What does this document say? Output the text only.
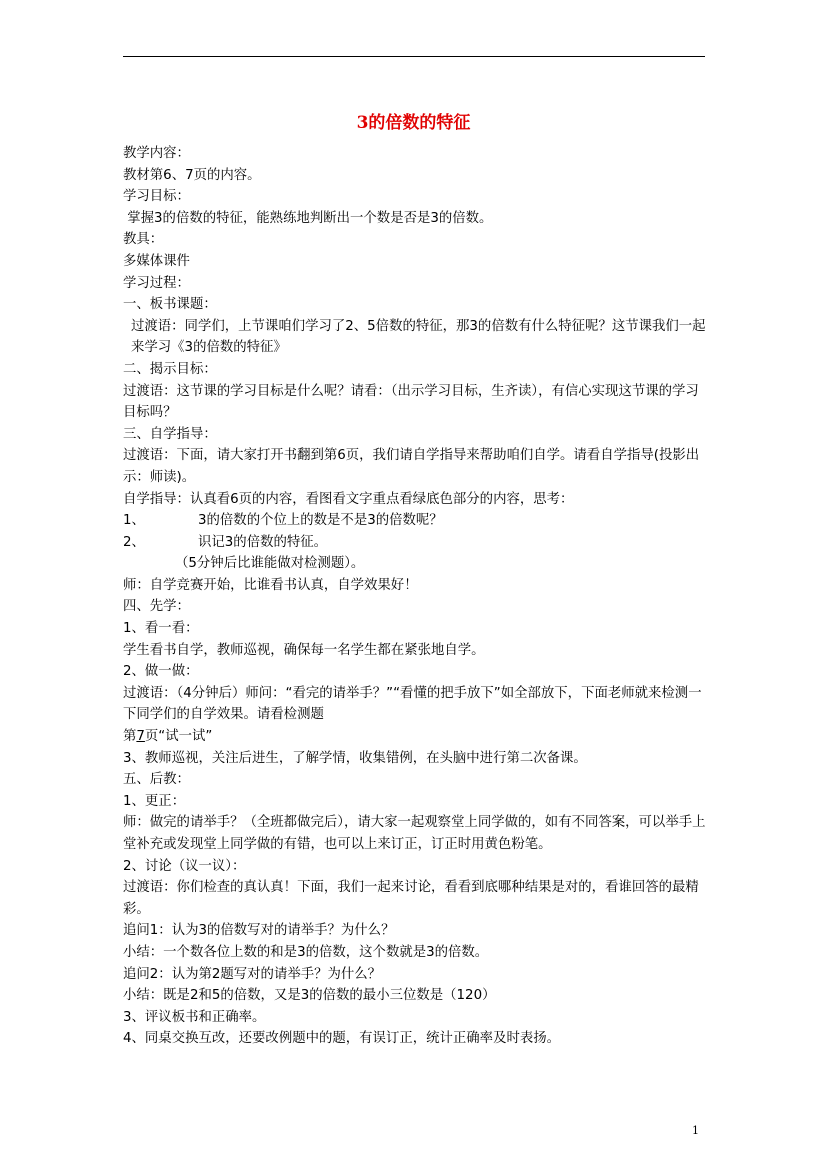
3的倍数的特征

教学内容：

教材第6、7页的内容。

学习目标：

掌握3的倍数的特征，能熟练地判断出一个数是否是3的倍数。

教具：

多媒体课件

学习过程：

一、板书课题：

过渡语：同学们，上节课咱们学习了2、5倍数的特征，那3的倍数有什么特征呢？这节课我们一起来学习《3的倍数的特征》

二、揭示目标：

过渡语：这节课的学习目标是什么呢？请看：（出示学习目标，生齐读），有信心实现这节课的学习目标吗？

三、自学指导：

过渡语：下面，请大家打开书翻到第6页，我们请自学指导来帮助咱们自学。请看自学指导(投影出示：师读)。

自学指导：认真看6页的内容，看图看文字重点看绿底色部分的内容，思考：

1、	3的倍数的个位上的数是不是3的倍数呢？
2、	识记3的倍数的特征。

（5分钟后比谁能做对检测题）。

师：自学竞赛开始，比谁看书认真，自学效果好！

四、先学：

1、看一看：

学生看书自学，教师巡视，确保每一名学生都在紧张地自学。

2、做一做：

过渡语：（4分钟后）师问：“看完的请举手？”“看懂的把手放下”如全部放下，下面老师就来检测一下同学们的自学效果。请看检测题

第7页“试一试”

3、教师巡视，关注后进生，了解学情，收集错例，在头脑中进行第二次备课。

五、后教：

1、更正：

师：做完的请举手？（全班都做完后），请大家一起观察堂上同学做的，如有不同答案，可以举手上堂补充或发现堂上同学做的有错，也可以上来订正，订正时用黄色粉笔。

2、讨论（议一议）：

过渡语：你们检查的真认真！下面，我们一起来讨论，看看到底哪种结果是对的，看谁回答的最精彩。

追问1：认为3的倍数写对的请举手？为什么？

小结：一个数各位上数的和是3的倍数，这个数就是3的倍数。

追问2：认为第2题写对的请举手？为什么？

小结：既是2和5的倍数，又是3的倍数的最小三位数是（120）

3、评议板书和正确率。

4、同桌交换互改，还要改例题中的题，有误订正，统计正确率及时表扬。

1
